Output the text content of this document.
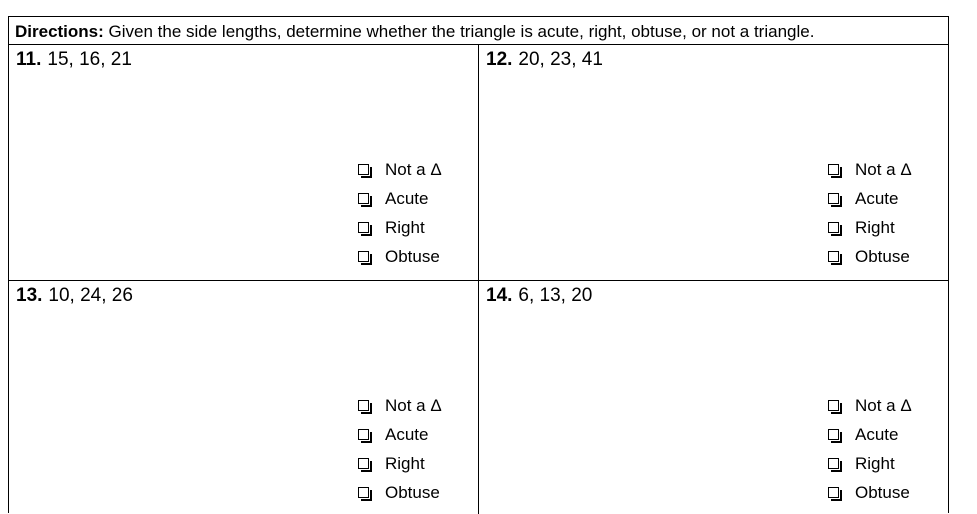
Directions: Given the side lengths, determine whether the triangle is acute, right, obtuse, or not a triangle.
11. 15, 16, 21
Not a Δ
Acute
Right
Obtuse
12. 20, 23, 41
Not a Δ
Acute
Right
Obtuse
13. 10, 24, 26
Not a Δ
Acute
Right
Obtuse
14. 6, 13, 20
Not a Δ
Acute
Right
Obtuse
